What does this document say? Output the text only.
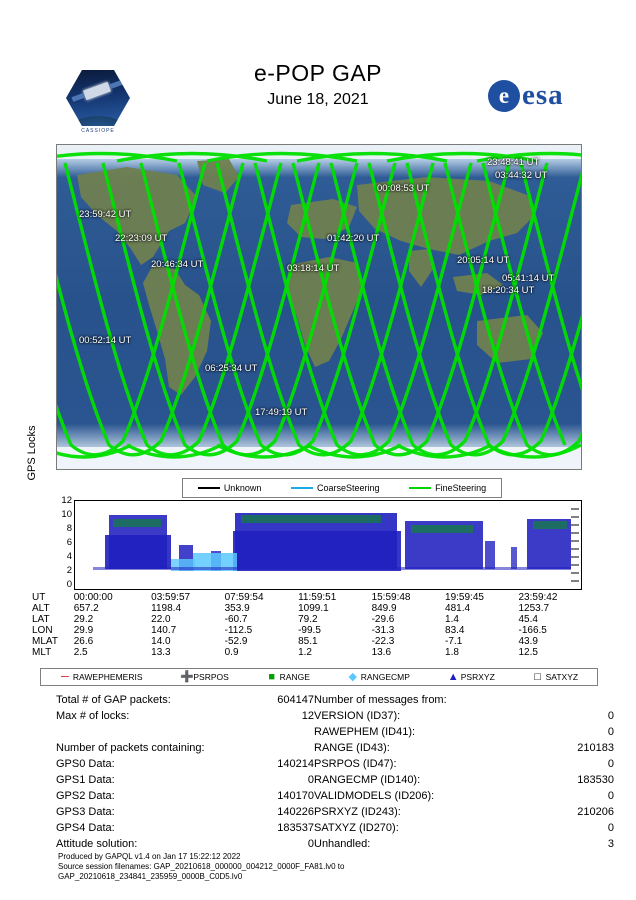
CASSIOPE
e-POP GAP
June 18, 2021	e esa
23:48:41 UT
03:44:32 UT
00:08:53 UT
23:59:42 UT
22:23:09 UT	01:42:20 UT
20:46:34 UT	03:18:14 UT
20:05:14 UT
05:41:14 UT
18:20:34 UT
00:52:14 UT
06:25:34 UT
17:49:19 UT
Unknown	CoarseSteering	FineSteering
GPS Locks
12
10
8
6
4
2
0
UT	00:00:00	03:59:57	07:59:54	11:59:51	15:59:48	19:59:45	23:59:42
ALT	657.2	1198.4	353.9	1099.1	849.9	481.4	1253.7
LAT	29.2	22.0	-60.7	79.2	-29.6	1.4	45.4
LON	29.9	140.7	-112.5	-99.5	-31.3	83.4	-166.5
MLAT	26.6	14.0	-52.9	85.1	-22.3	-7.1	43.9
MLT	2.5	13.3	0.9	1.2	13.6	1.8	12.5
─ RAWEPHEMERIS	➕ PSRPOS	■ RANGE	◆ RANGECMP	▲ PSRXYZ	□ SATXYZ
Total # of GAP packets:	604147
Max # of locks:	12
Number of packets containing:
GPS0 Data:	140214
GPS1 Data:	0
GPS2 Data:	140170
GPS3 Data:	140226
GPS4 Data:	183537
Attitude solution:	0
Number of messages from:
VERSION (ID37):	0
RAWEPHEM (ID41):	0
RANGE (ID43):	210183
PSRPOS (ID47):	0
RANGECMP (ID140):	183530
VALIDMODELS (ID206):	0
PSRXYZ (ID243):	210206
SATXYZ (ID270):	0
Unhandled:	3
Produced by GAPQL v1.4 on Jan 17 15:22:12 2022
Source session filenames: GAP_20210618_000000_004212_0000F_FA81.lv0 to
GAP_20210618_234841_235959_0000B_C0D5.lv0
